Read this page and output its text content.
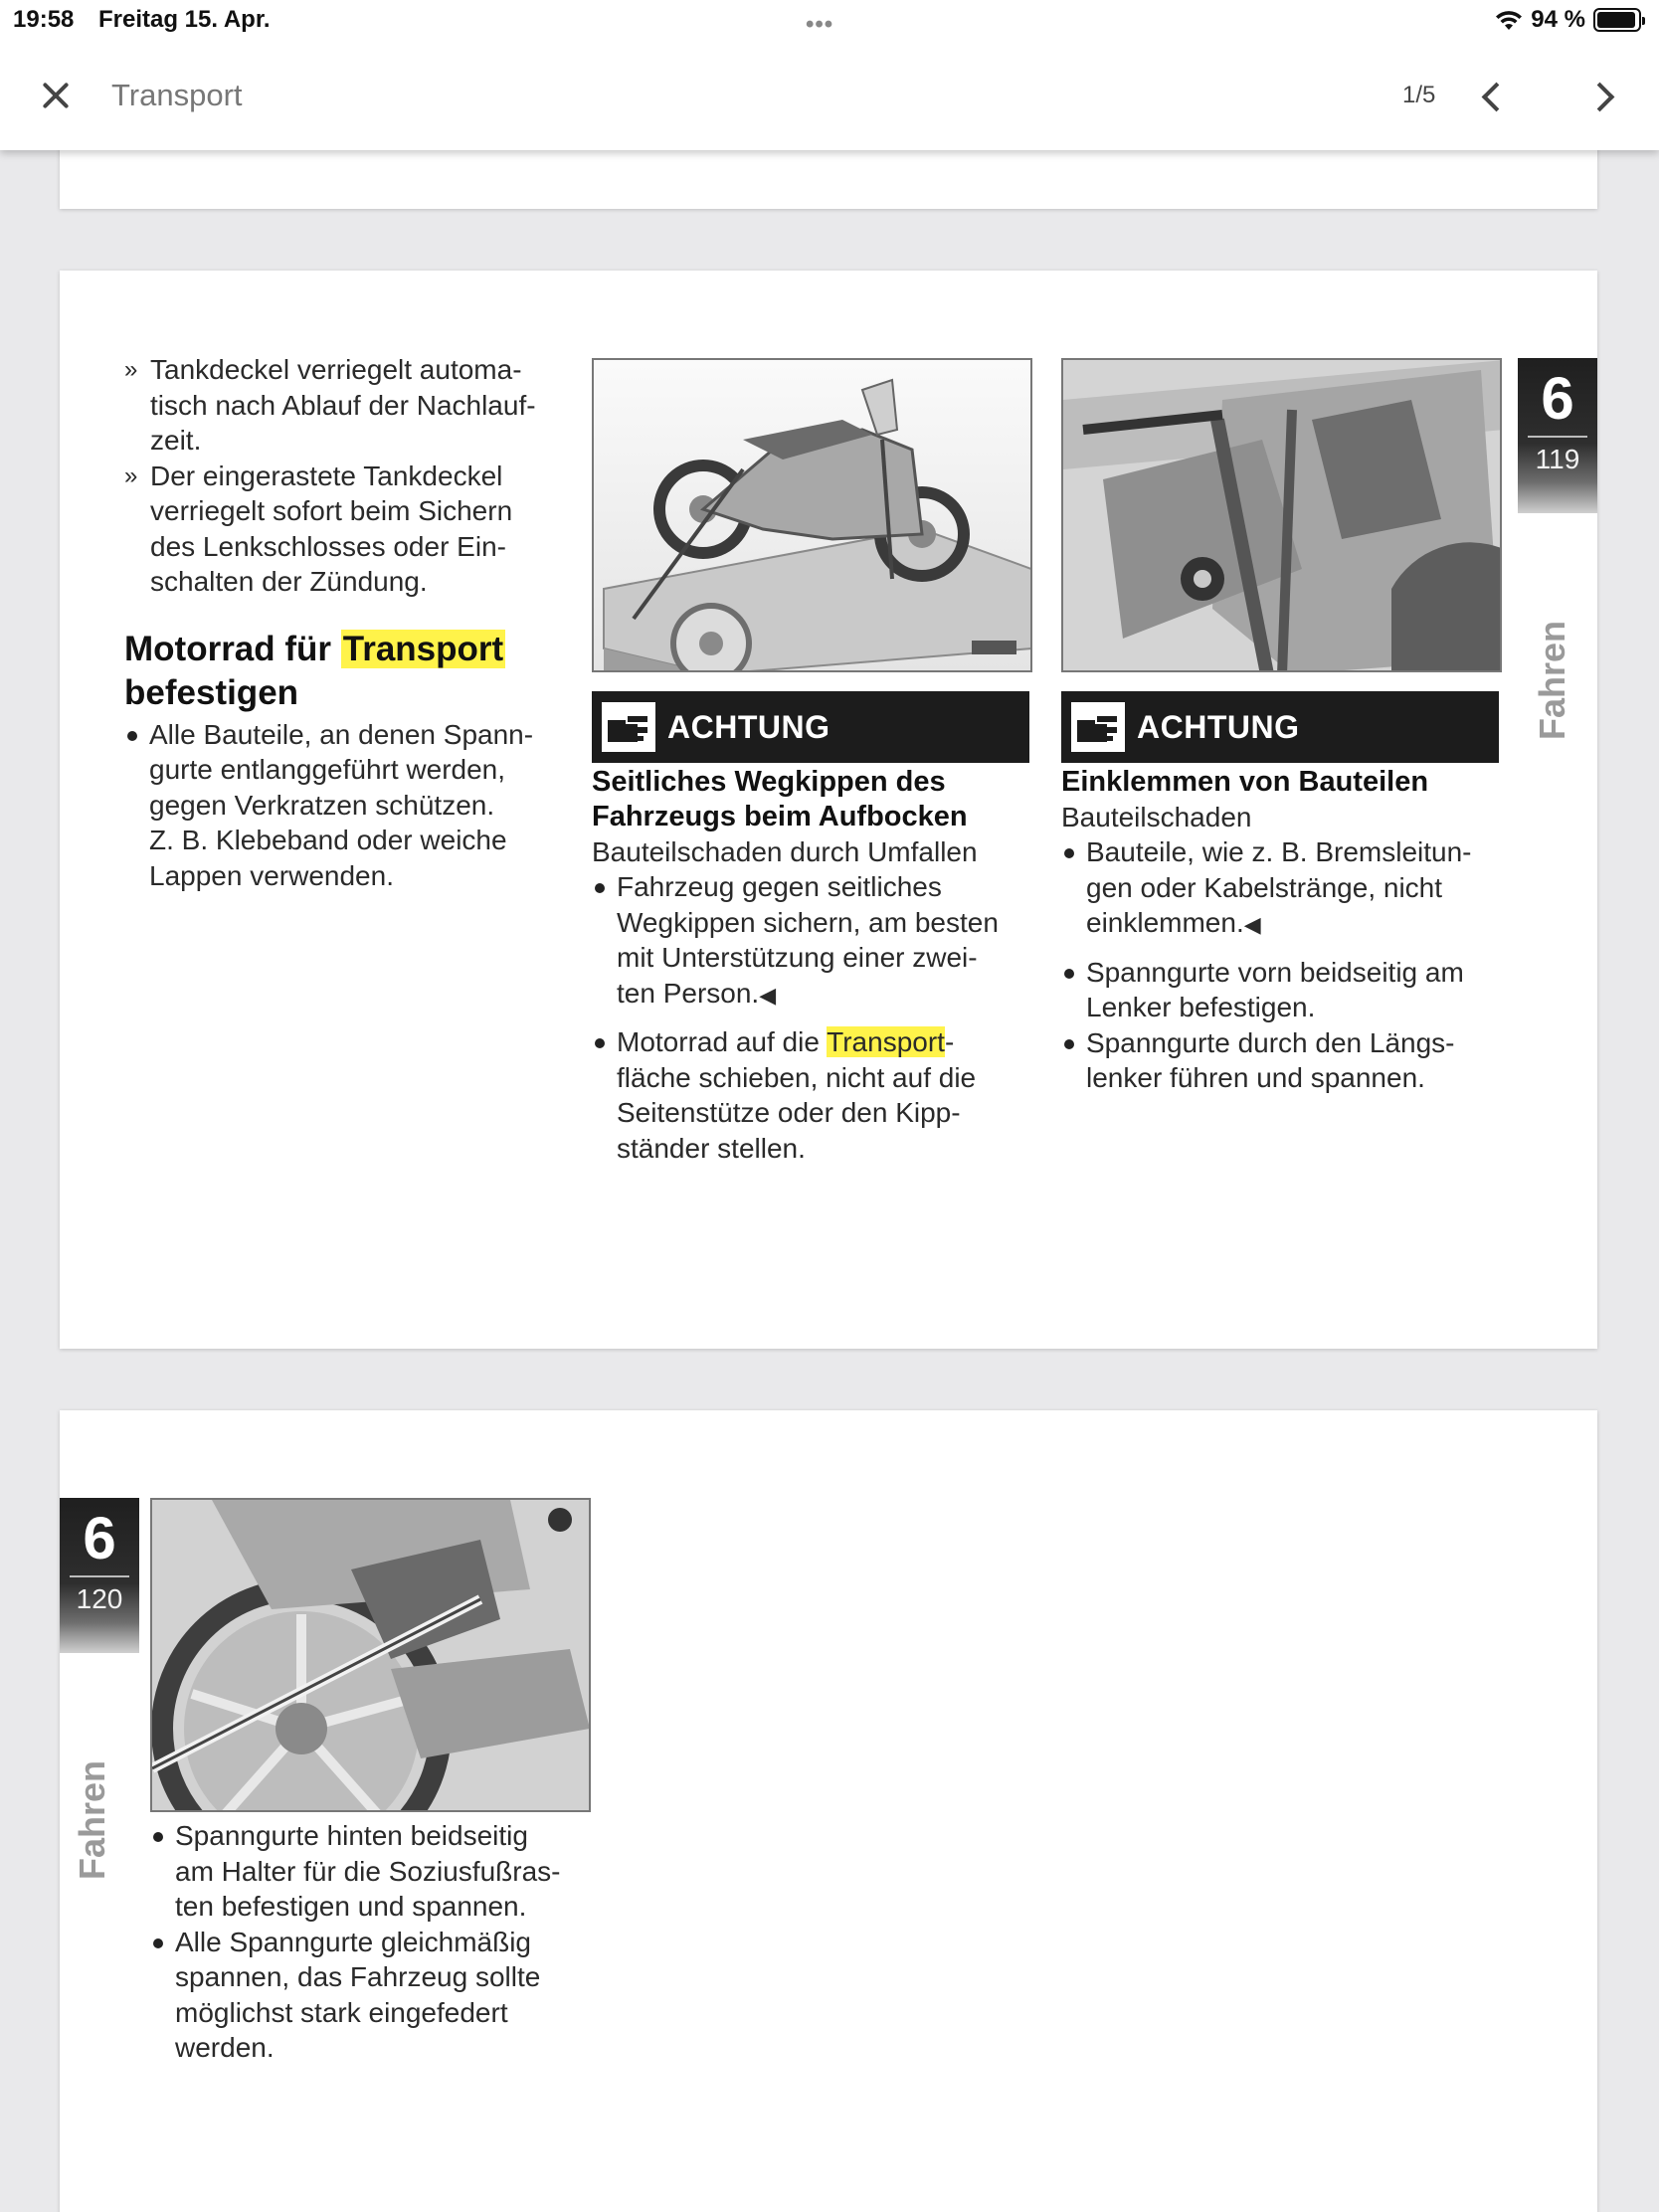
19:58 Freitag 15. Apr.	•••	94 %
Transport
1/5
» Tankdeckel verriegelt automa-
tisch nach Ablauf der Nachlauf-
zeit.
» Der eingerastete Tankdeckel
verriegelt sofort beim Sichern
des Lenkschlosses oder Ein-
schalten der Zündung.
Motorrad für Transport
befestigen
Alle Bauteile, an denen Spann-
gurte entlanggeführt werden,
gegen Verkratzen schützen.
Z. B. Klebeband oder weiche
Lappen verwenden.
ACHTUNG
Seitliches Wegkippen des
Fahrzeugs beim Aufbocken
Bauteilschaden durch Umfallen
Fahrzeug gegen seitliches
Wegkippen sichern, am besten
mit Unterstützung einer zwei-
ten Person.◀
Motorrad auf die Transport-
fläche schieben, nicht auf die
Seitenstütze oder den Kipp-
ständer stellen.
ACHTUNG
Einklemmen von Bauteilen
Bauteilschaden
Bauteile, wie z. B. Bremsleitun-
gen oder Kabelstränge, nicht
einklemmen.◀
Spanngurte vorn beidseitig am
Lenker befestigen.
Spanngurte durch den Längs-
lenker führen und spannen.
6
119
Fahren
6
120
Fahren	Spanngurte hinten beidseitig
am Halter für die Soziusfußras-
ten befestigen und spannen.
Alle Spanngurte gleichmäßig
spannen, das Fahrzeug sollte
möglichst stark eingefedert
werden.
